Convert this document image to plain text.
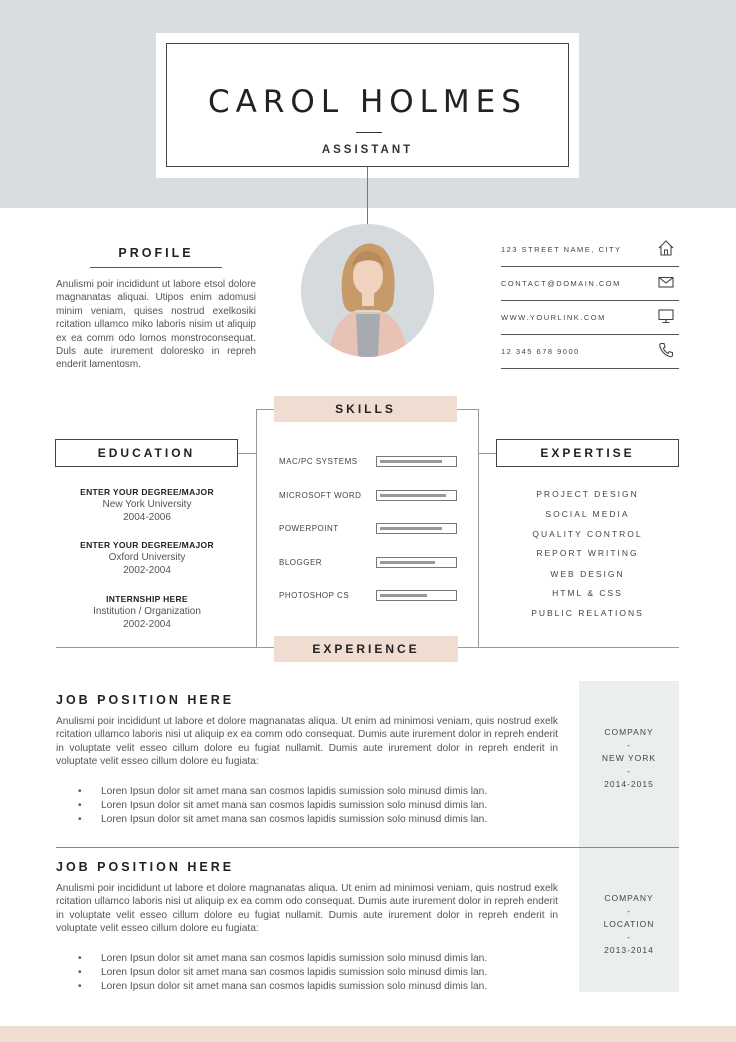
CAROL HOLMES
ASSISTANT
PROFILE
Anulismi poir incididunt ut labore etsol dolore magnanatas aliquai. Utipos enim adomusi minim veniam, quises nostrud exelkosiki rcitation ullamco miko laboris nisim ut aliquip ex ea comm odo lomos monstroconsequat. Duls aute irurement doloresko in repreh enderit lamentosm.
123 STREET NAME, CITY
CONTACT@DOMAIN.COM
WWW.YOURLINK.COM
12 345 678 9000
SKILLS
EDUCATION	EXPERTISE
MAC/PC SYSTEMS
MICROSOFT WORD
POWERPOINT
BLOGGER
PHOTOSHOP CS
ENTER YOUR DEGREE/MAJOR
New York University
2004-2006
ENTER YOUR DEGREE/MAJOR
Oxford University
2002-2004
INTERNSHIP HERE
Institution / Organization
2002-2004
PROJECT DESIGN
SOCIAL MEDIA
QUALITY CONTROL
REPORT WRITING
WEB DESIGN
HTML & CSS
PUBLIC RELATIONS
EXPERIENCE
JOB POSITION HERE
Anulismi poir incididunt ut labore et dolore magnanatas aliqua. Ut enim ad minimosi veniam, quis nostrud exelk rcitation ullamco laboris nisi ut aliquip ex ea comm odo consequat. Dumis aute irurement dolor in repreh enderit in voluptate velit esseo cillum dolore eu fugiat nullamit. Dumis aute irurement dolor in repreh enderit in voluptate velit esseo cillum dolore eu fugiata:
• Loren Ipsun dolor sit amet mana san cosmos lapidis sumission solo minusd dimis lan.
• Loren Ipsun dolor sit amet mana san cosmos lapidis sumission solo minusd dimis lan.
• Loren Ipsun dolor sit amet mana san cosmos lapidis sumission solo minusd dimis lan.
COMPANY
-
NEW YORK
-
2014-2015
JOB POSITION HERE
Anulismi poir incididunt ut labore et dolore magnanatas aliqua. Ut enim ad minimosi veniam, quis nostrud exelk rcitation ullamco laboris nisi ut aliquip ex ea comm odo consequat. Dumis aute irurement dolor in repreh enderit in voluptate velit esseo cillum dolore eu fugiat nullamit. Dumis aute irurement dolor in repreh enderit in voluptate velit esseo cillum dolore eu fugiata:
• Loren Ipsun dolor sit amet mana san cosmos lapidis sumission solo minusd dimis lan.
• Loren Ipsun dolor sit amet mana san cosmos lapidis sumission solo minusd dimis lan.
• Loren Ipsun dolor sit amet mana san cosmos lapidis sumission solo minusd dimis lan.
COMPANY
-
LOCATION
-
2013-2014
